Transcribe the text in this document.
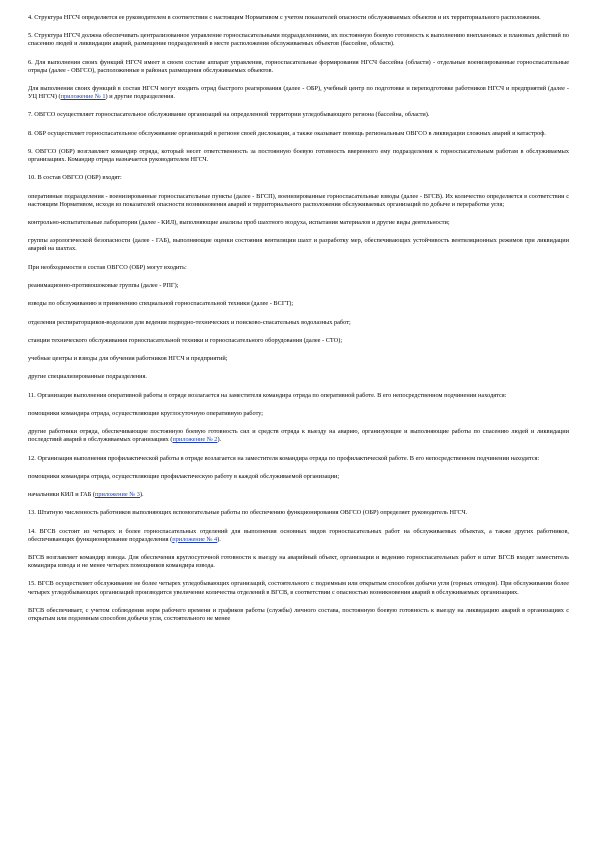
4. Структура НГСЧ определяется ее руководителем в соответствии с настоящим Нормативом с учетом показателей опасности обслуживаемых объектов и их территориального расположения.

5. Структура НГСЧ должна обеспечивать централизованное управление горноспасательными подразделениями, их постоянную боевую готовность к выполнению внеплановых и плановых действий по спасению людей и ликвидации аварий, размещение подразделений в месте расположения обслуживаемых объектов (бассейне, области).

6. Для выполнения своих функций НГСЧ имеет в своем составе аппарат управления, горноспасательные формирования НГСЧ бассейна (области) - отдельные военизированные горноспасательные отряды (далее - ОВГСО), расположенные в районах размещения обслуживаемых объектов.

Для выполнения своих функций в состав НГСЧ могут входить отряд быстрого реагирования (далее - ОБР), учебный центр по подготовке и переподготовке работников НГСЧ и предприятий (далее - УЦ НГСЧ) (приложение № 1) и другие подразделения.

7. ОВГСО осуществляет горноспасательное обслуживание организаций на определенной территории угледобывающего региона (бассейна, области).

8. ОБР осуществляет горноспасательное обслуживание организаций в регионе своей дислокации, а также оказывает помощь региональным ОВГСО в ликвидации сложных аварий и катастроф.

9. ОВГСО (ОБР) возглавляет командир отряда, который несет ответственность за постоянную боевую готовность вверенного ему подразделения к горноспасательным работам в обслуживаемых организациях. Командир отряда назначается руководителем НГСЧ.

10. В состав ОВГСО (ОБР) входят:

оперативные подразделения - военизированные горноспасательные пункты (далее - ВГСП), военизированные горноспасательные взводы (далее - ВГСВ). Их количество определяется в соответствии с настоящим Нормативом, исходя из показателей опасности возникновения аварий и территориального расположения обслуживаемых организаций по добыче и переработке угля;

контрольно-испытательные лаборатории (далее - КИЛ), выполняющие анализы проб шахтного воздуха, испытания материалов и другие виды деятельности;

группы аэрологической безопасности (далее - ГАБ), выполняющие оценки состояния вентиляции шахт и разработку мер, обеспечивающих устойчивость вентиляционных режимов при ликвидации аварий на шахтах.

При необходимости в состав ОВГСО (ОБР) могут входить:

реанимационно-противошоковые группы (далее - РПГ);

взводы по обслуживанию и применению специальной горноспасательной техники (далее - ВСГТ);

отделения респираторщиков-водолазов для ведения подводно-технических и поисково-спасательных водолазных работ;

станции технического обслуживания горноспасательной техники и горноспасательного оборудования (далее - СТО);

учебные центры и взводы для обучения работников НГСЧ и предприятий;

другие специализированные подразделения.

11. Организация выполнения оперативной работы в отряде возлагается на заместителя командира отряда по оперативной работе. В его непосредственном подчинении находятся:

помощники командира отряда, осуществляющие круглосуточную оперативную работу;

другие работники отряда, обеспечивающие постоянную боевую готовность сил и средств отряда к выезду на аварию, организующие и выполняющие работы по спасению людей и ликвидации последствий аварий в обслуживаемых организациях (приложение № 2).

12. Организация выполнения профилактической работы в отряде возлагается на заместителя командира отряда по профилактической работе. В его непосредственном подчинении находятся:

помощники командира отряда, осуществляющие профилактическую работу в каждой обслуживаемой организации;

начальники КИЛ и ГАБ (приложение № 3).

13. Штатную численность работников выполняющих вспомогательные работы по обеспечению функционирования ОВГСО (ОБР) определяет руководитель НГСЧ.

14. ВГСВ состоит из четырех и более горноспасательных отделений для выполнения основных видов горноспасательных работ на обслуживаемых объектах, а также других работников, обеспечивающих функционирование подразделения (приложение № 4).

ВГСВ возглавляет командир взвода. Для обеспечения круглосуточной готовности к выезду на аварийный объект, организации и ведению горноспасательных работ в штат ВГСВ входят заместитель командира взвода и не менее четырех помощников командира взвода.

15. ВГСВ осуществляет обслуживание не более четырех угледобывающих организаций, состоятельного с подземным или открытым способом добычи угля (горных отводов). При обслуживании более четырех угледобывающих организаций производится увеличение количества отделений в ВГСВ, в соответствии с опасностью возникновения аварий в обслуживаемых организациях.

ВГСВ обеспечивает, с учетом соблюдения норм рабочего времени и графиков работы (службы) личного состава, постоянную боевую готовность к выезду на ликвидацию аварий в организациях с открытым или подземным способом добычи угля, состоятельного не менее
